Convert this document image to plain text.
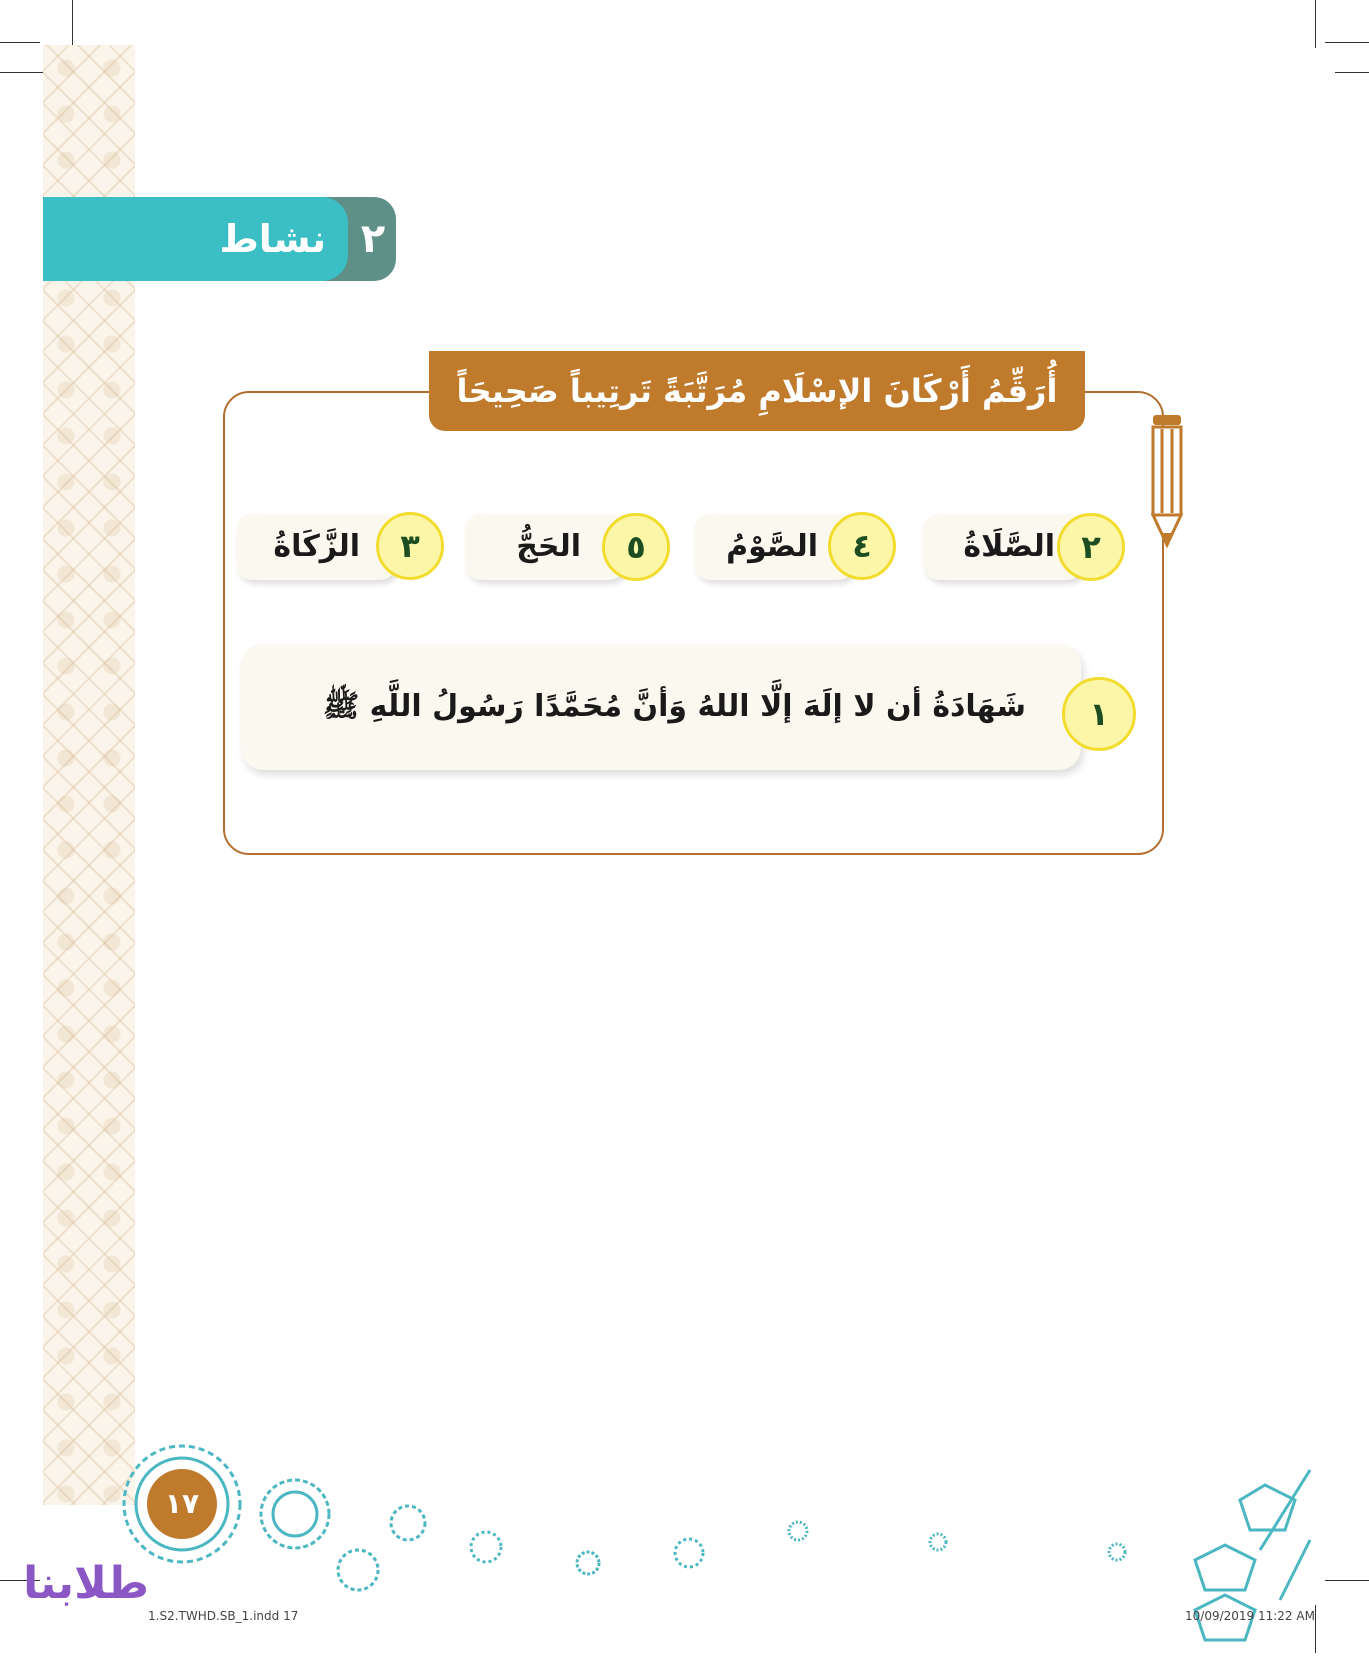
نشاط ٢
أُرَقِّمُ أَرْكَانَ الإسْلَامِ مُرَتَّبَةً تَرتِيباً صَحِيحَاً
الصَّلَاةُ ٢
الصَّوْمُ	٤
الحَجُّ	٥
الزَّكَاةُ	٣
شَهَادَةُ أن لا إلَهَ إلَّا اللهُ وَأنَّ مُحَمَّدًا رَسُولُ اللَّهِ ﷺ	١
١٧
طلابنا
1.S2.TWHD.SB_1.indd 17	10/09/2019 11:22 AM
